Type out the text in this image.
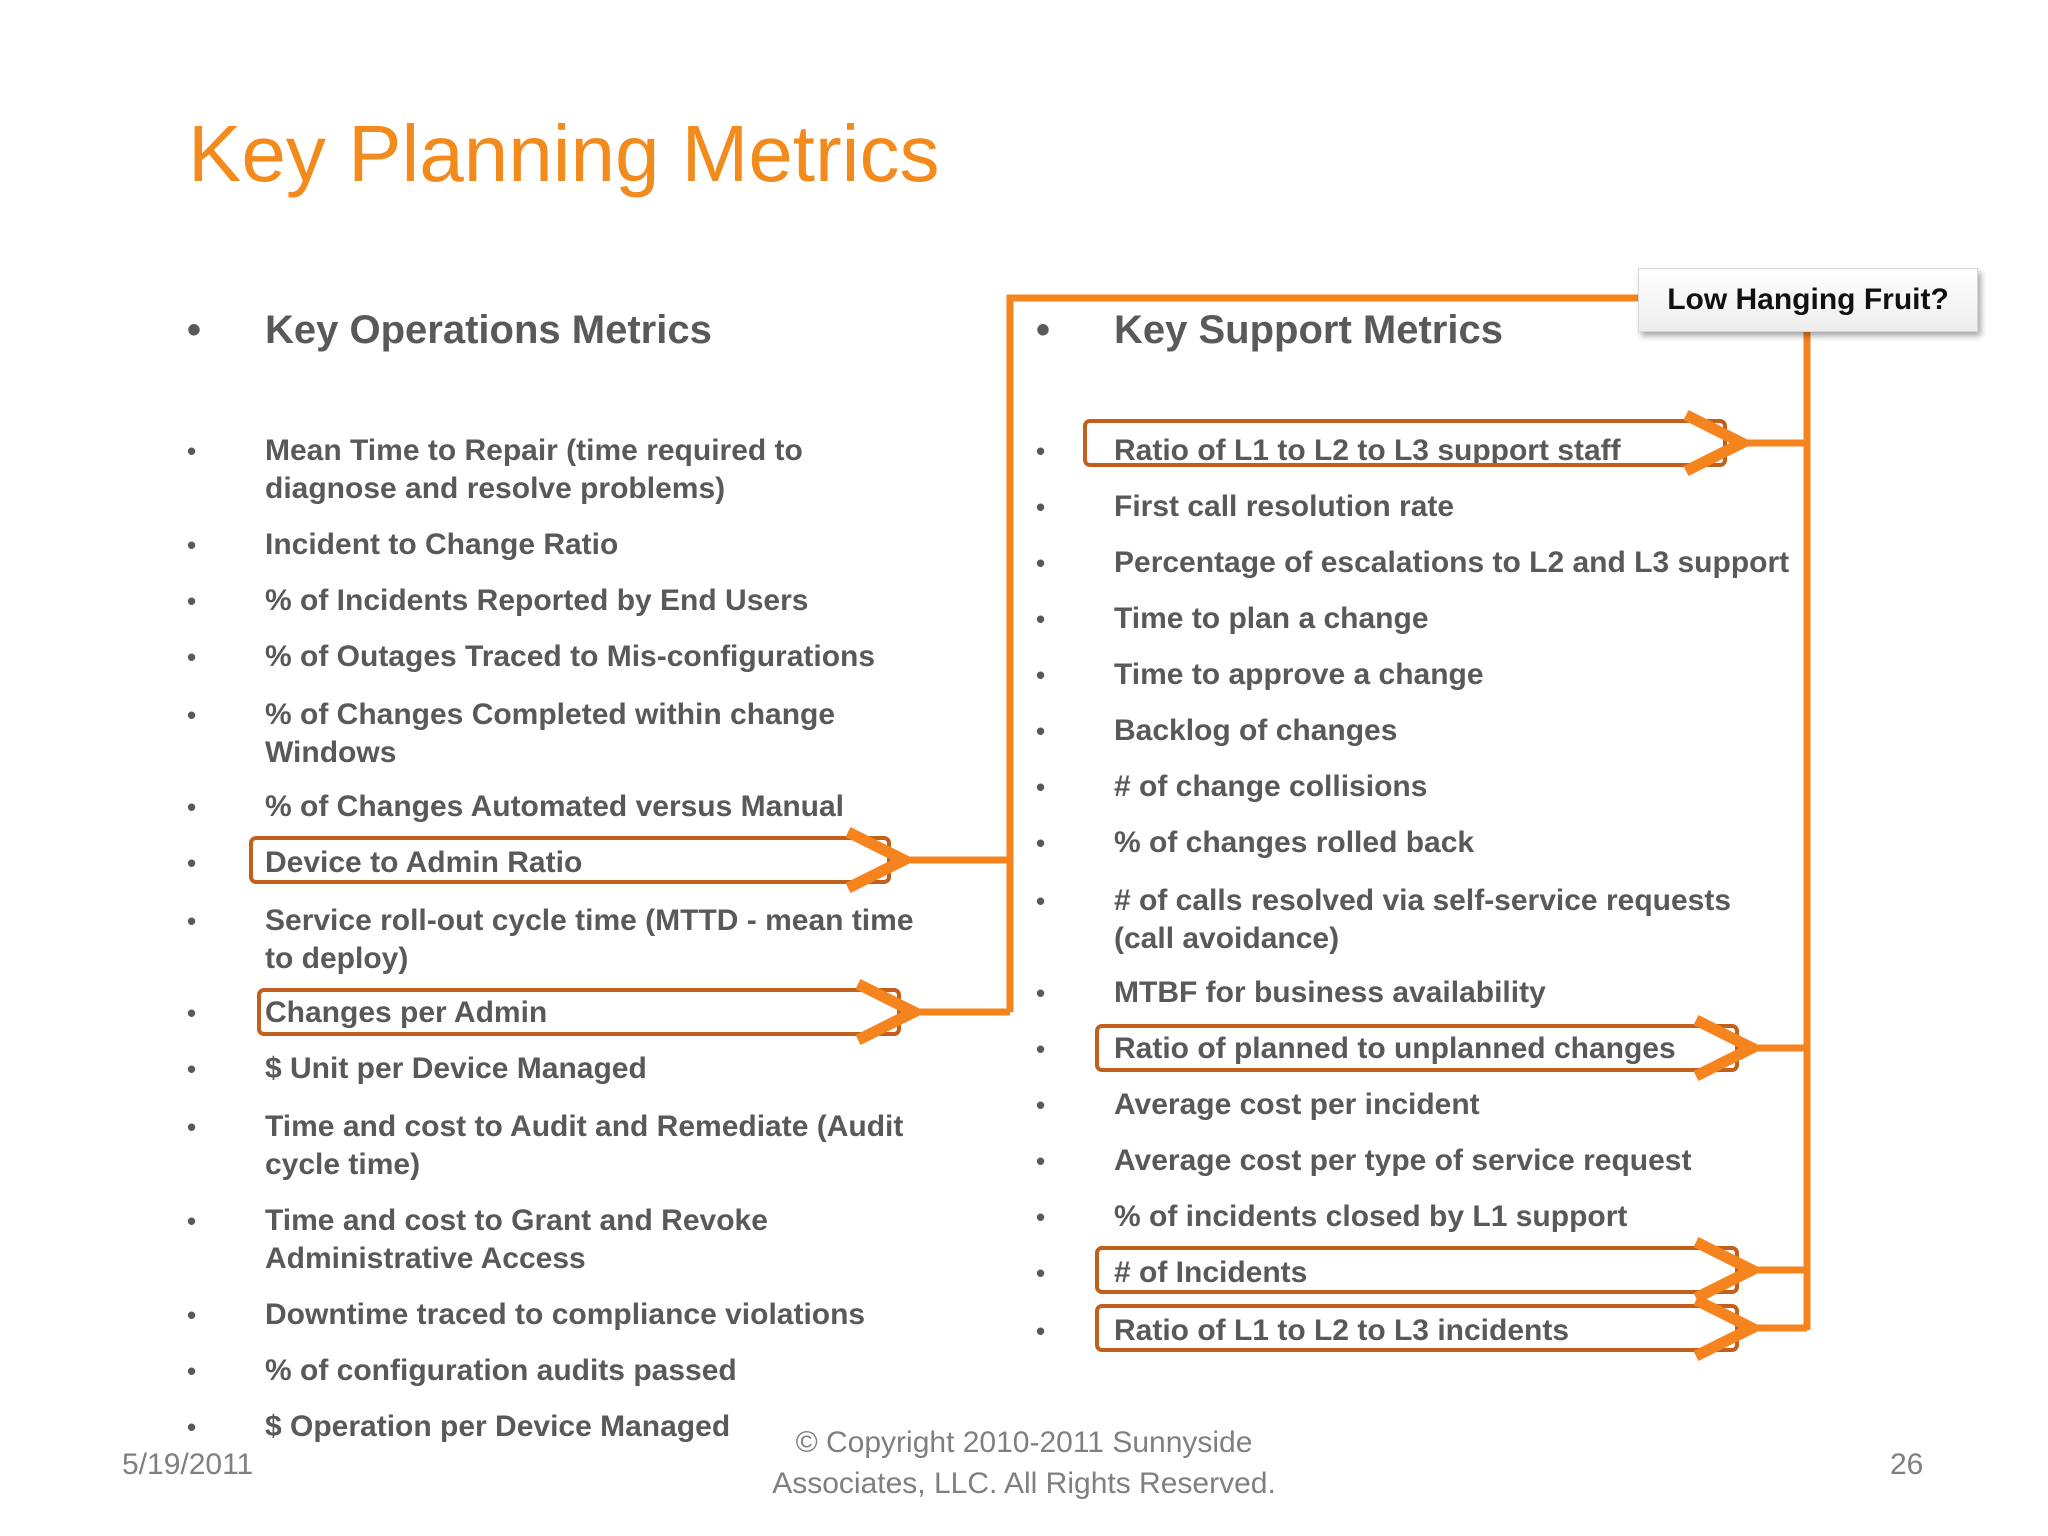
Key Planning Metrics
• Key Operations Metrics
• Mean Time to Repair (time required to
diagnose and resolve problems)
• Incident to Change Ratio
• % of Incidents Reported by End Users
• % of Outages Traced to Mis-configurations
• % of Changes Completed within change
Windows
• % of Changes Automated versus Manual
• Device to Admin Ratio
• Service roll-out cycle time (MTTD - mean time
to deploy)
• Changes per Admin
• $ Unit per Device Managed
• Time and cost to Audit and Remediate (Audit
cycle time)
• Time and cost to Grant and Revoke
Administrative Access
• Downtime traced to compliance violations
• % of configuration audits passed
• $ Operation per Device Managed
• Key Support Metrics
• Ratio of L1 to L2 to L3 support staff
• First call resolution rate
• Percentage of escalations to L2 and L3 support
• Time to plan a change
• Time to approve a change
• Backlog of changes
• # of change collisions
• % of changes rolled back
• # of calls resolved via self-service requests
(call avoidance)
• MTBF for business availability
• Ratio of planned to unplanned changes
• Average cost per incident
• Average cost per type of service request
• % of incidents closed by L1 support
• # of Incidents
• Ratio of L1 to L2 to L3 incidents
Low Hanging Fruit?
5/19/2011
© Copyright 2010-2011 Sunnyside
Associates, LLC. All Rights Reserved.
26
